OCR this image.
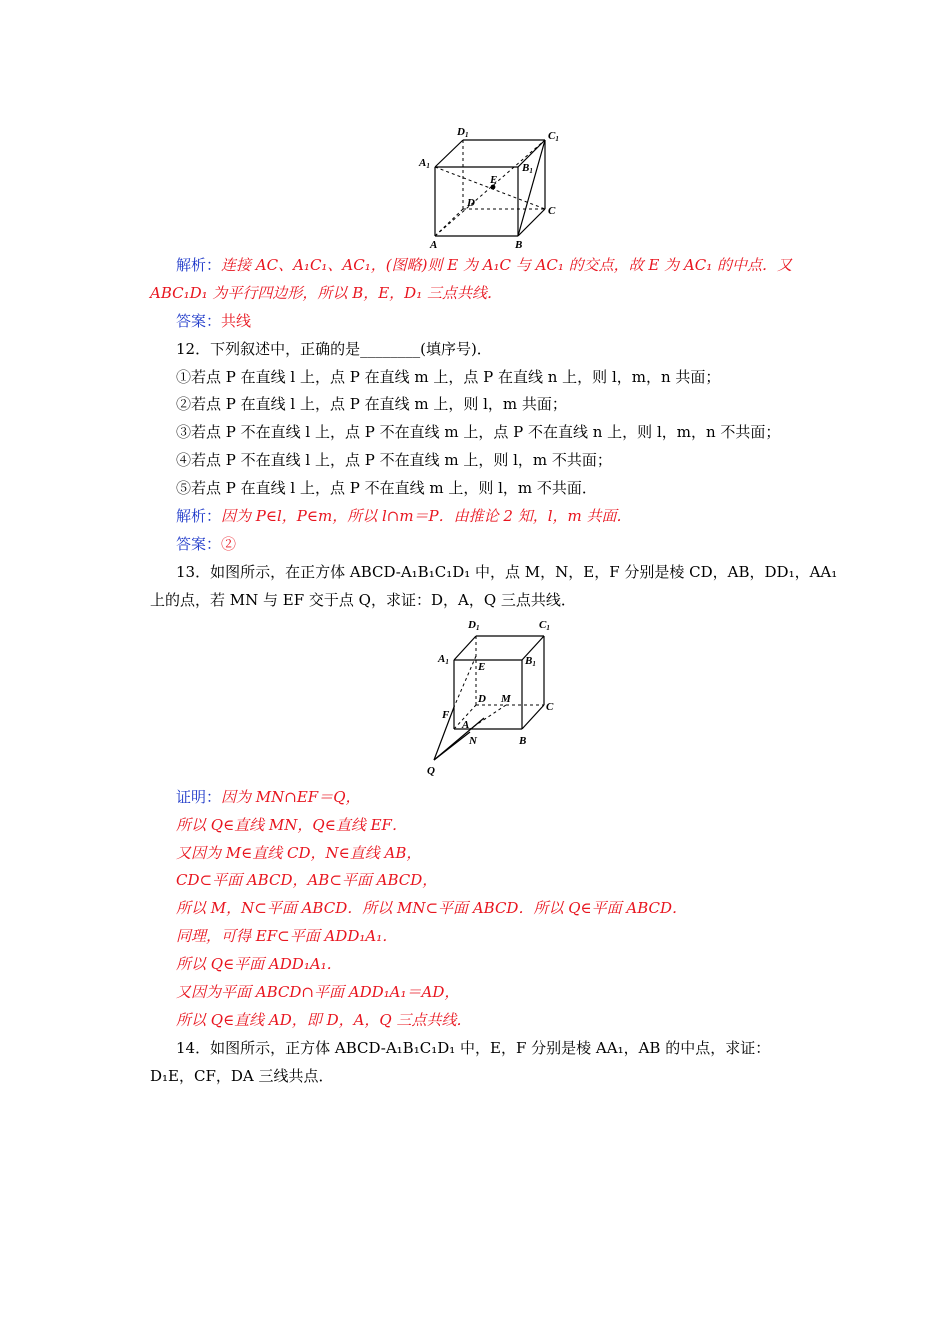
D1	C1
A1	B1
E
D
C
A	B
解析：连接 AC、A₁C₁、AC₁，(图略)则 E 为 A₁C 与 AC₁ 的交点，故 E 为 AC₁ 的中点．又
ABC₁D₁ 为平行四边形，所以 B，E，D₁ 三点共线．
答案：共线
12．下列叙述中，正确的是________(填序号)．
①若点 P 在直线 l 上，点 P 在直线 m 上，点 P 在直线 n 上，则 l，m，n 共面；
②若点 P 在直线 l 上，点 P 在直线 m 上，则 l，m 共面；
③若点 P 不在直线 l 上，点 P 不在直线 m 上，点 P 不在直线 n 上，则 l，m，n 不共面；
④若点 P 不在直线 l 上，点 P 不在直线 m 上，则 l，m 不共面；
⑤若点 P 在直线 l 上，点 P 不在直线 m 上，则 l，m 不共面．
解析：因为 P∈l，P∈m，所以 l∩m＝P．由推论 2 知，l，m 共面．
答案：②
13．如图所示，在正方体 ABCD-A₁B₁C₁D₁ 中，点 M，N，E，F 分别是棱 CD，AB，DD₁，AA₁
上的点，若 MN 与 EF 交于点 Q，求证：D，A，Q 三点共线．
D1	C1
A1	B1
E
D M
C
F
A
N	B
Q
证明：因为 MN∩EF＝Q，
所以 Q∈直线 MN，Q∈直线 EF．
又因为 M∈直线 CD，N∈直线 AB，
CD⊂平面 ABCD，AB⊂平面 ABCD，
所以 M，N⊂平面 ABCD．所以 MN⊂平面 ABCD．所以 Q∈平面 ABCD．
同理，可得 EF⊂平面 ADD₁A₁．
所以 Q∈平面 ADD₁A₁．
又因为平面 ABCD∩平面 ADD₁A₁＝AD，
所以 Q∈直线 AD，即 D，A，Q 三点共线．
14．如图所示，正方体 ABCD-A₁B₁C₁D₁ 中，E，F 分别是棱 AA₁，AB 的中点，求证：
D₁E，CF，DA 三线共点．
